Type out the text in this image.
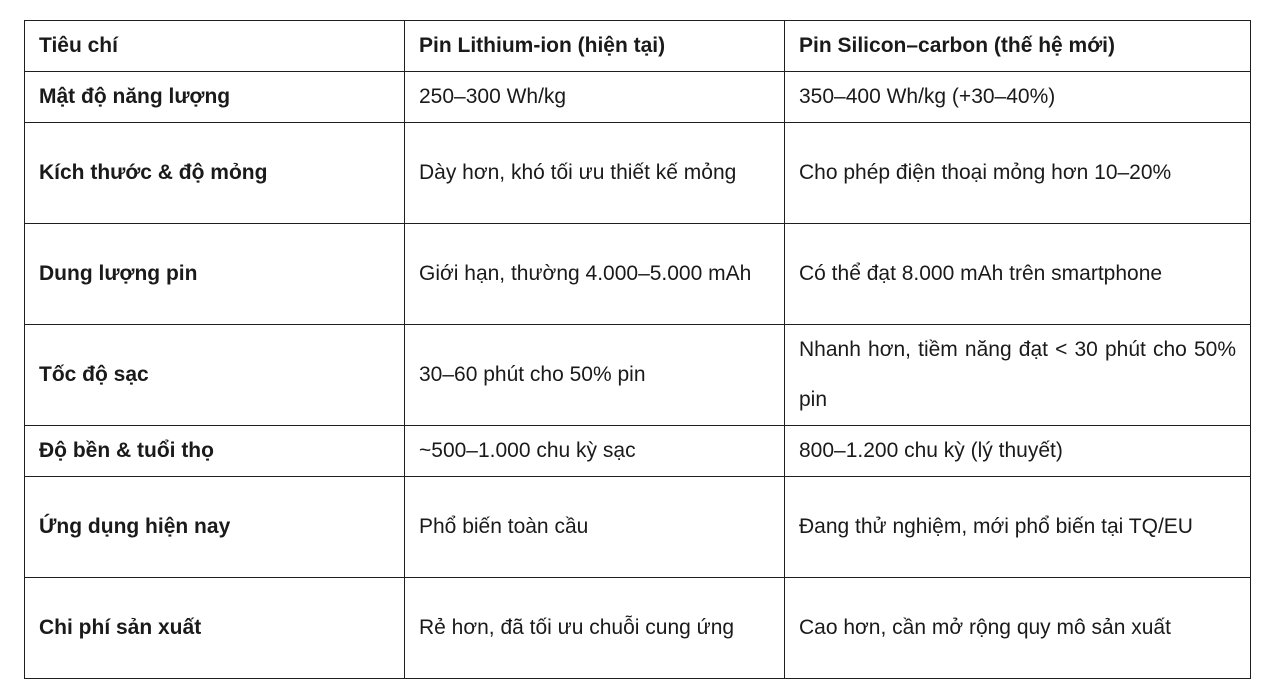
Tiêu chí	Pin Lithium-ion (hiện tại)	Pin Silicon–carbon (thế hệ mới)
Mật độ năng lượng	250–300 Wh/kg	350–400 Wh/kg (+30–40%)
Kích thước & độ mỏng	Dày hơn, khó tối ưu thiết kế mỏng	Cho phép điện thoại mỏng hơn 10–20%
Dung lượng pin	Giới hạn, thường 4.000–5.000 mAh	Có thể đạt 8.000 mAh trên smartphone
Tốc độ sạc	30–60 phút cho 50% pin	Nhanh hơn, tiềm năng đạt < 30 phút cho 50% pin
Độ bền & tuổi thọ	~500–1.000 chu kỳ sạc	800–1.200 chu kỳ (lý thuyết)
Ứng dụng hiện nay	Phổ biến toàn cầu	Đang thử nghiệm, mới phổ biến tại TQ/EU
Chi phí sản xuất	Rẻ hơn, đã tối ưu chuỗi cung ứng	Cao hơn, cần mở rộng quy mô sản xuất
